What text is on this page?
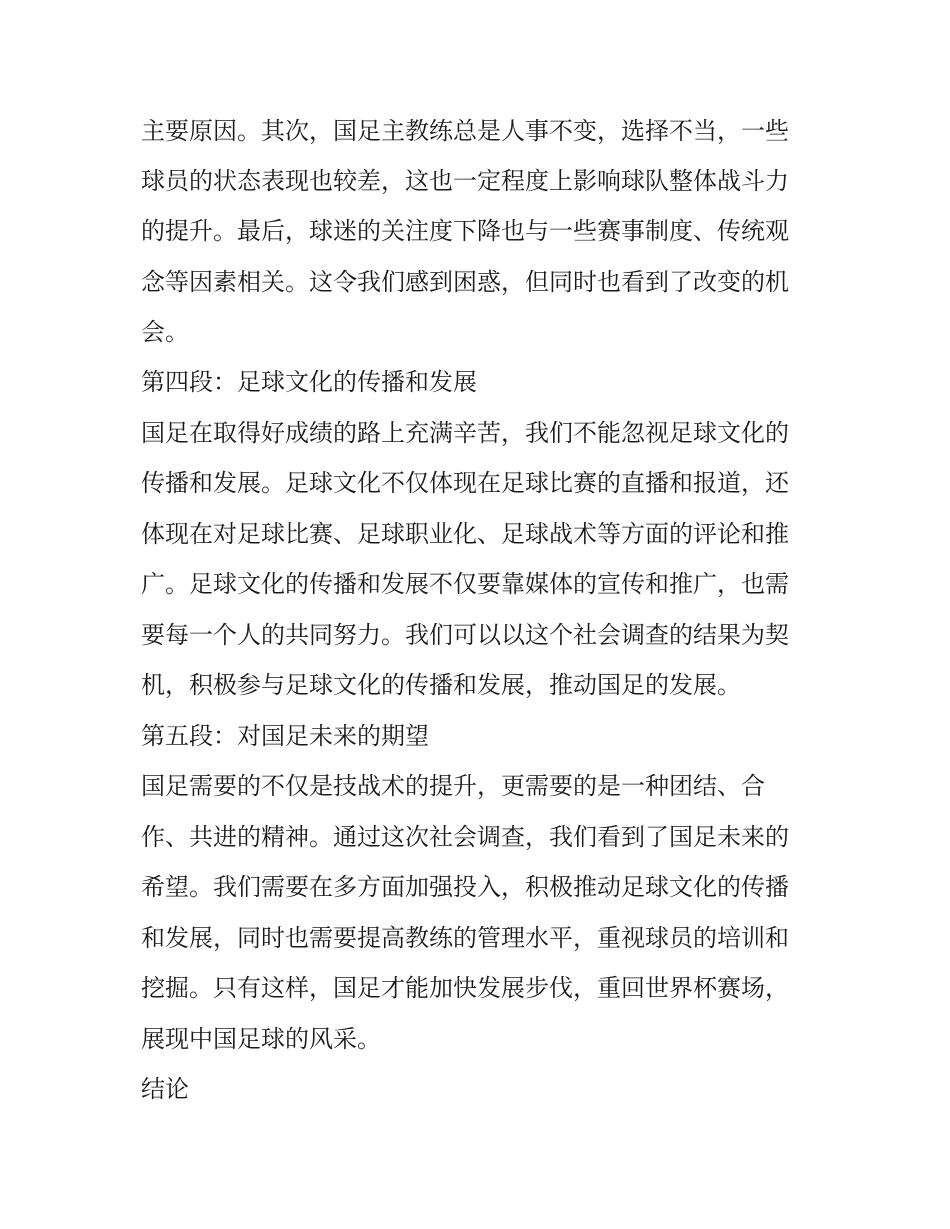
主要原因。其次，国足主教练总是人事不变，选择不当，一些
球员的状态表现也较差，这也一定程度上影响球队整体战斗力
的提升。最后，球迷的关注度下降也与一些赛事制度、传统观
念等因素相关。这令我们感到困惑，但同时也看到了改变的机
会。
第四段：足球文化的传播和发展
国足在取得好成绩的路上充满辛苦，我们不能忽视足球文化的
传播和发展。足球文化不仅体现在足球比赛的直播和报道，还
体现在对足球比赛、足球职业化、足球战术等方面的评论和推
广。足球文化的传播和发展不仅要靠媒体的宣传和推广，也需
要每一个人的共同努力。我们可以以这个社会调查的结果为契
机，积极参与足球文化的传播和发展，推动国足的发展。
第五段：对国足未来的期望
国足需要的不仅是技战术的提升，更需要的是一种团结、合
作、共进的精神。通过这次社会调查，我们看到了国足未来的
希望。我们需要在多方面加强投入，积极推动足球文化的传播
和发展，同时也需要提高教练的管理水平，重视球员的培训和
挖掘。只有这样，国足才能加快发展步伐，重回世界杯赛场，
展现中国足球的风采。
结论
